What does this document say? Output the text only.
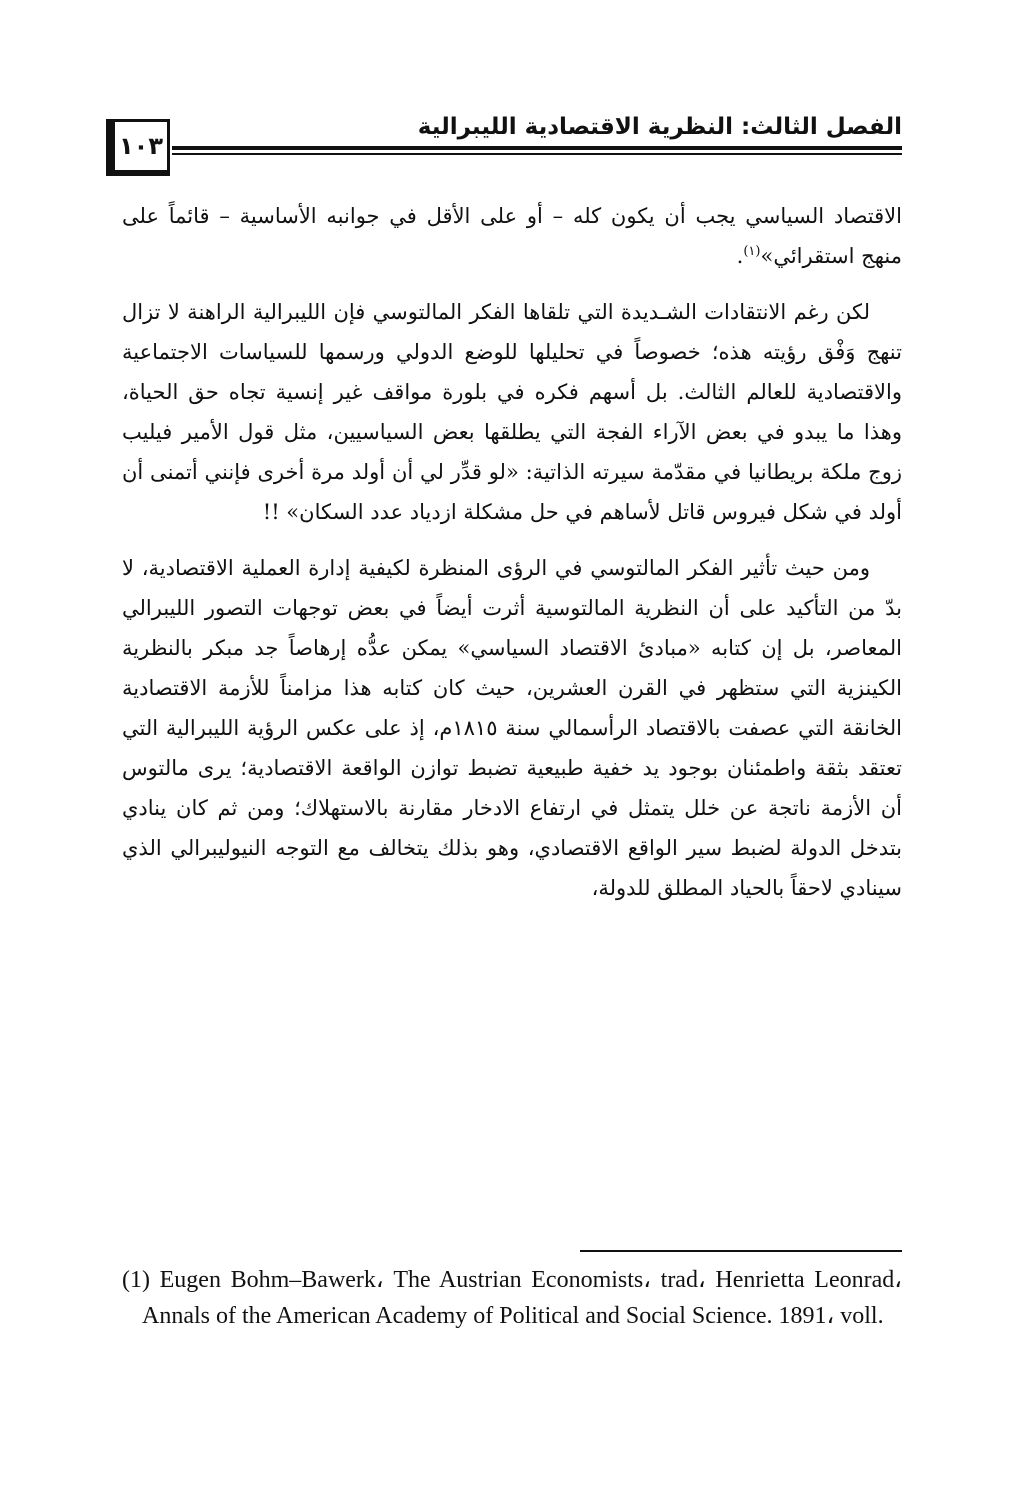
الفصل الثالث: النظرية الاقتصادية الليبرالية
١٠٣

الاقتصاد السياسي يجب أن يكون كله – أو على الأقل في جوانبه الأساسية – قائماً على منهج استقرائي»$^{(١)}$.

لكن رغم الانتقادات الشـديدة التي تلقاها الفكر المالتوسي فإن الليبرالية الراهنة لا تزال تنهج وَفْق رؤيته هذه؛ خصوصاً في تحليلها للوضع الدولي ورسمها للسياسات الاجتماعية والاقتصادية للعالم الثالث. بل أسهم فكره في بلورة مواقف غير إنسية تجاه حق الحياة، وهذا ما يبدو في بعض الآراء الفجة التي يطلقها بعض السياسيين، مثل قول الأمير فيليب زوج ملكة بريطانيا في مقدّمة سيرته الذاتية: «لو قدِّر لي أن أولد مرة أخرى فإنني أتمنى أن أولد في شكل فيروس قاتل لأساهم في حل مشكلة ازدياد عدد السكان» !!

ومن حيث تأثير الفكر المالتوسي في الرؤى المنظرة لكيفية إدارة العملية الاقتصادية، لا بدّ من التأكيد على أن النظرية المالتوسية أثرت أيضاً في بعض توجهات التصور الليبرالي المعاصر، بل إن كتابه «مبادئ الاقتصاد السياسي» يمكن عدُّه إرهاصاً جد مبكر بالنظرية الكينزية التي ستظهر في القرن العشرين، حيث كان كتابه هذا مزامناً للأزمة الاقتصادية الخانقة التي عصفت بالاقتصاد الرأسمالي سنة ١٨١٥م، إذ على عكس الرؤية الليبرالية التي تعتقد بثقة واطمئنان بوجود يد خفية طبيعية تضبط توازن الواقعة الاقتصادية؛ يرى مالتوس أن الأزمة ناتجة عن خلل يتمثل في ارتفاع الادخار مقارنة بالاستهلاك؛ ومن ثم كان ينادي بتدخل الدولة لضبط سير الواقع الاقتصادي، وهو بذلك يتخالف مع التوجه النيوليبرالي الذي سينادي لاحقاً بالحياد المطلق للدولة،

(1) Eugen Bohm–Bawerk، The Austrian Economists، trad، Henrietta Leonrad، Annals of the American Academy of Political and Social Science. 1891، voll.
